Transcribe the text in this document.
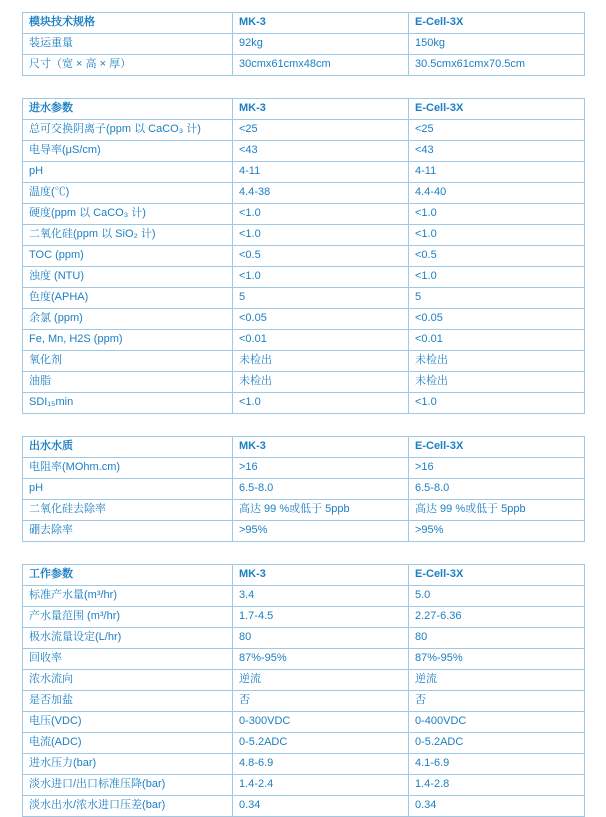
模块技术规格	MK-3	E-Cell-3X
装运重量	92kg	150kg
尺寸（宽 × 高 × 厚）	30cmx61cmx48cm	30.5cmx61cmx70.5cm
进水参数	MK-3	E-Cell-3X
总可交换阴离子(ppm 以 CaCO₃ 计)	<25	<25
电导率(μS/cm)	<43	<43
pH	4-11	4-11
温度(℃)	4.4-38	4.4-40
硬度(ppm 以 CaCO₃ 计)	<1.0	<1.0
二氧化硅(ppm 以 SiO₂ 计)	<1.0	<1.0
TOC (ppm)	<0.5	<0.5
浊度 (NTU)	<1.0	<1.0
色度(APHA)	5	5
余氯 (ppm)	<0.05	<0.05
Fe, Mn, H2S (ppm)	<0.01	<0.01
氧化剂	未检出	未检出
油脂	未检出	未检出
SDI₁₅min	<1.0	<1.0
出水水质	MK-3	E-Cell-3X
电阻率(MOhm.cm)	>16	>16
pH	6.5-8.0	6.5-8.0
二氧化硅去除率	高达 99 %或低于 5ppb	高达 99 %或低于 5ppb
硼去除率	>95%	>95%
工作参数	MK-3	E-Cell-3X
标准产水量(m³/hr)	3.4	5.0
产水量范围 (m³/hr)	1.7-4.5	2.27-6.36
极水流量设定(L/hr)	80	80
回收率	87%-95%	87%-95%
浓水流向	逆流	逆流
是否加盐	否	否
电压(VDC)	0-300VDC	0-400VDC
电流(ADC)	0-5.2ADC	0-5.2ADC
进水压力(bar)	4.8-6.9	4.1-6.9
淡水进口/出口标准压降(bar)	1.4-2.4	1.4-2.8
淡水出水/浓水进口压差(bar)	0.34	0.34
